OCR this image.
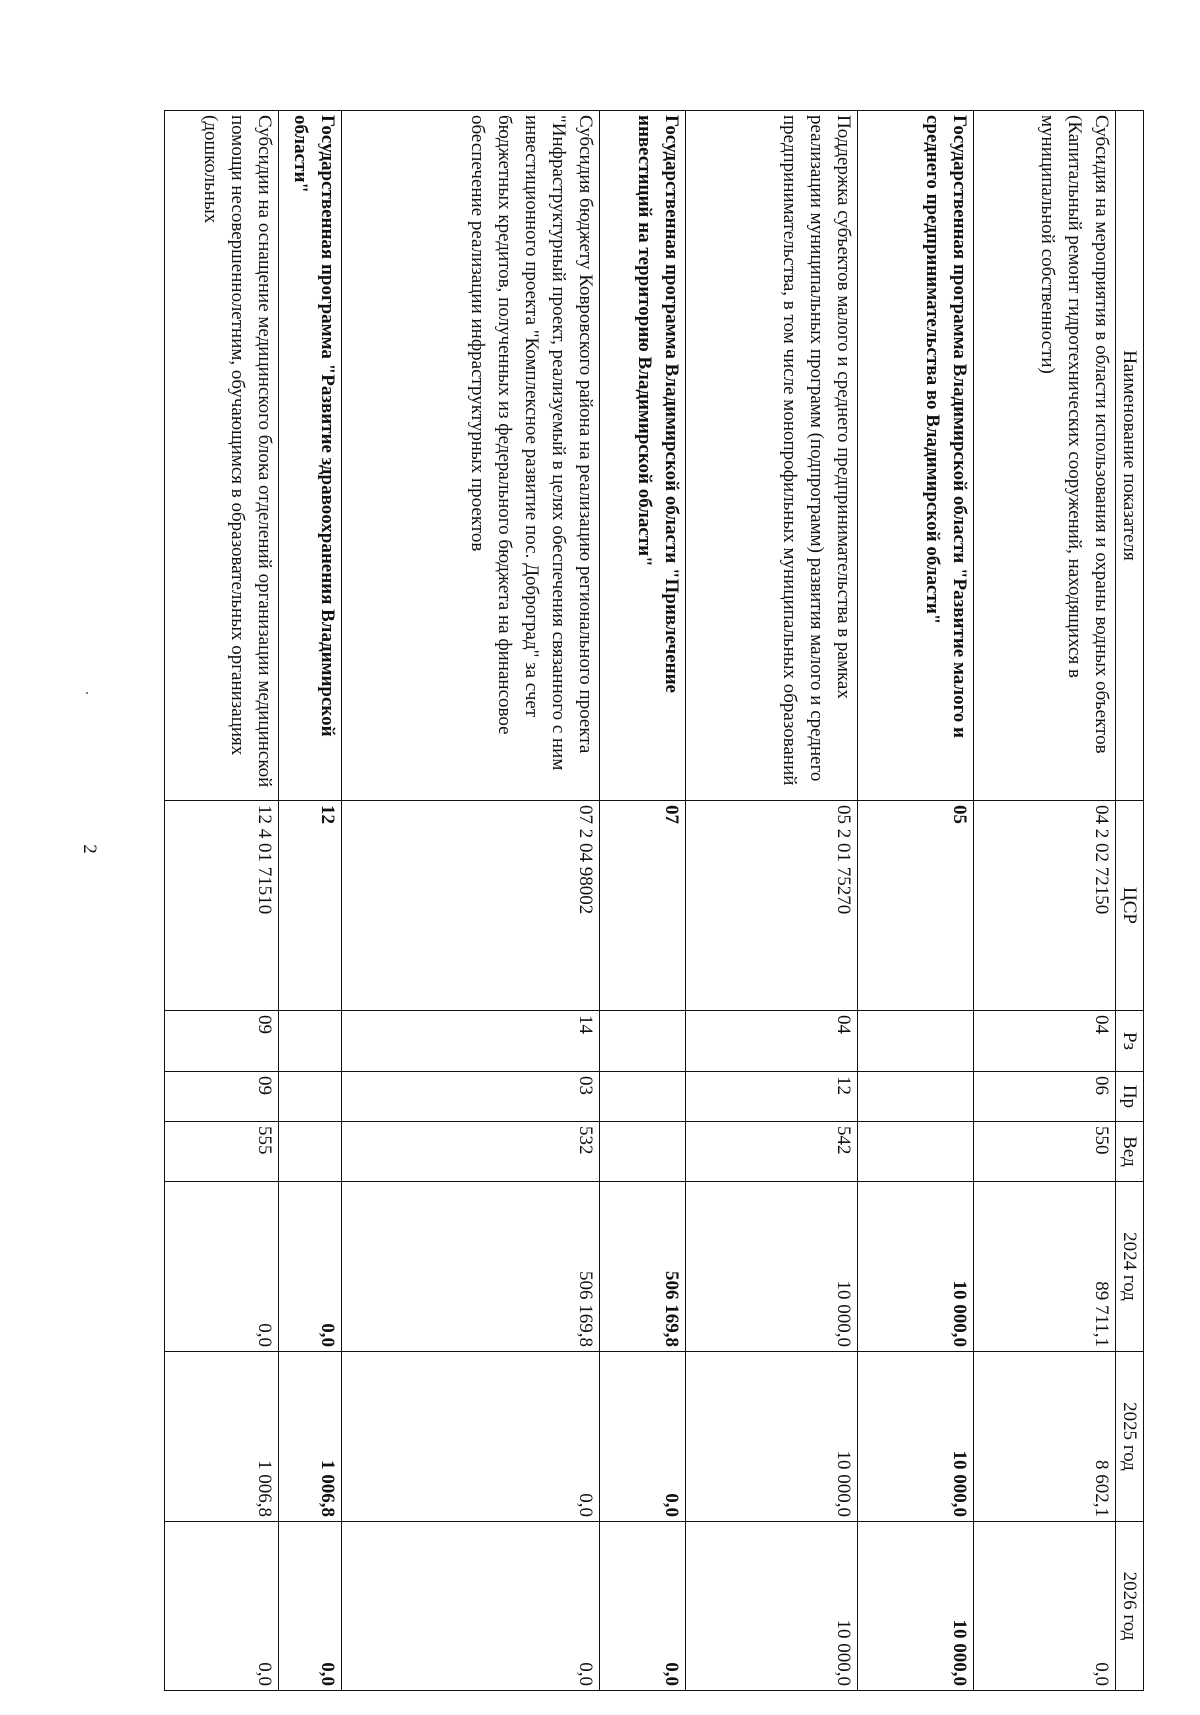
2
Наименование показателя	ЦСР	Рз	Пр	Вед	2024 год	2025 год	2026 год
Субсидия на мероприятия в области использования и охраны водных объектов (Капитальный ремонт гидротехнических сооружений, находящихся в муниципальной собственности)	04 2 02 72150	04	06	550	89 711,1	8 602,1	0,0
Государственная программа Владимирской области "Развитие малого и среднего предпринимательства во Владимирской области"	05				10 000,0	10 000,0	10 000,0
Поддержка субъектов малого и среднего предпринимательства в рамках реализации муниципальных программ (подпрограмм) развития малого и среднего предпринимательства, в том числе монопрофильных муниципальных образований	05 2 01 75270	04	12	542	10 000,0	10 000,0	10 000,0
Государственная программа Владимирской области "Привлечение инвестиций на территорию Владимирской области"	07				506 169,8	0,0	0,0
Субсидия бюджету Ковровского района на реализацию регионального проекта "Инфраструктурный проект, реализуемый в целях обеспечения связанного с ним инвестиционного проекта "Комплексное развитие пос. Доброград" за счет бюджетных кредитов, полученных из федерального бюджета на финансовое обеспечение реализации инфраструктурных проектов	07 2 04 98002	14	03	532	506 169,8	0,0	0,0
Государственная программа "Развитие здравоохранения Владимирской области"	12				0,0	1 006,8	0,0
Субсидии на оснащение медицинского блока отделений организации медицинской помощи несовершеннолетним, обучающимся в образовательных организациях (дошкольных	12 4 01 71510	09	09	555	0,0	1 006,8	0,0
